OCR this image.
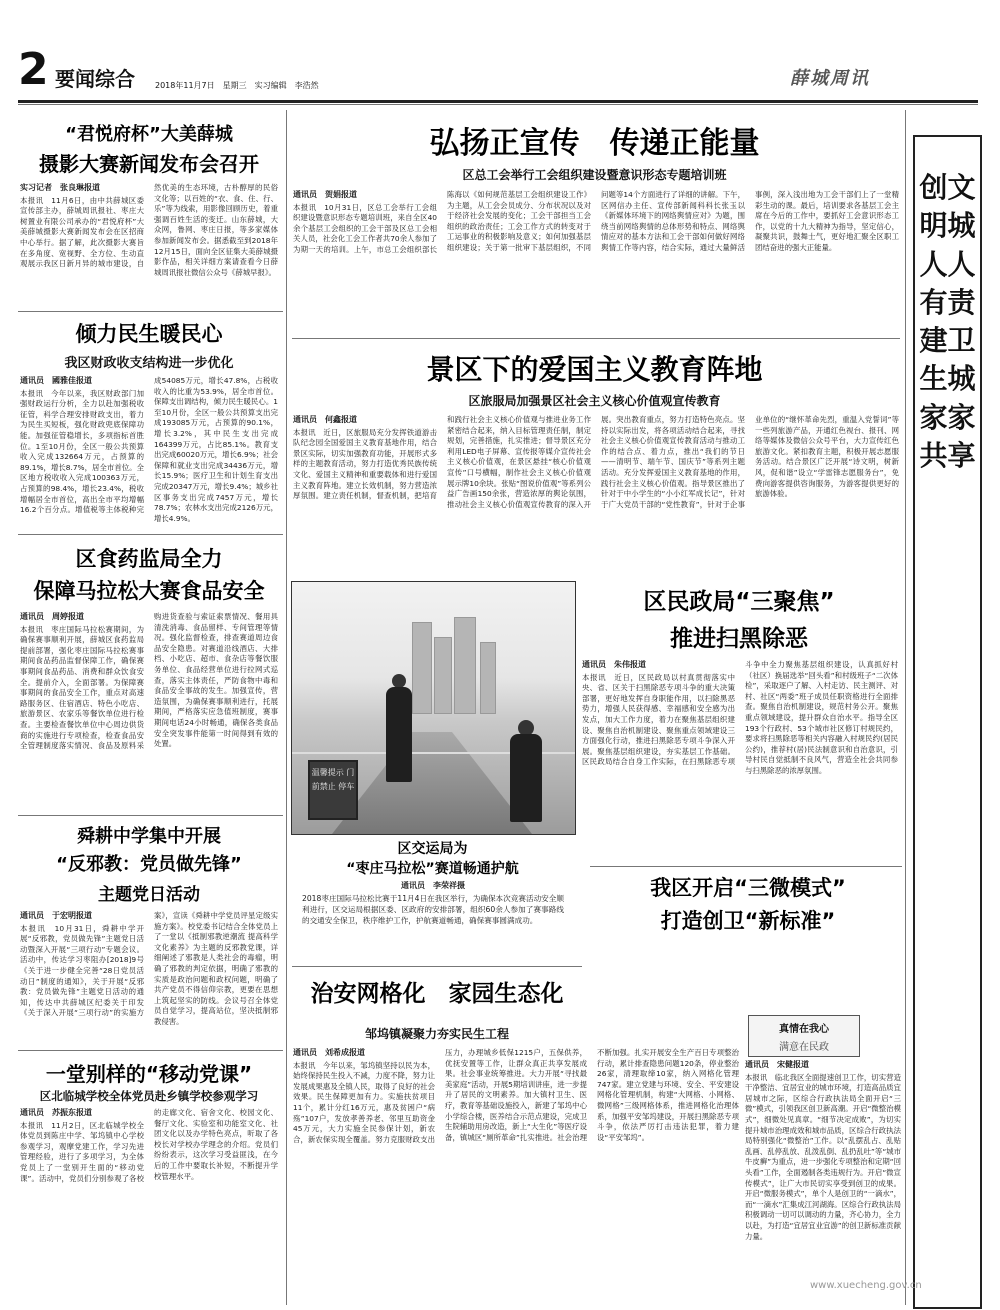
2 要闻综合	2018年11月7日　星期三　实习编辑　李浩然	薛城周讯
创文明城人人有责建卫生城家家共享
“君悦府杯”大美薛城
摄影大赛新闻发布会召开
实习记者　张良琳报道
本报讯　11月6日，由中共薛城区委宣传部主办，薛城周讯报社、枣庄大树置业有限公司承办的“君悦府杯”大美薛城摄影大赛新闻发布会在区招商中心举行。据了解，此次摄影大赛旨在多角度、宽视野、全方位、生动直观展示我区日新月异的城市建设，自然优美的生态环境，古朴醇厚的民俗文化等；以百姓的“衣、食、住、行、乐”等为线索，用影像回顾历史，着重强调百姓生活的变迁。山东薛城，大众网，鲁网、枣庄日报，等多家媒体参加新闻发布会。据悉截至到2018年12月15日，面向全区征集大美薛城摄影作品，相关详细方案请查看今日薛城周讯报社微信公众号《薛城早报》。
倾力民生暖民心
我区财政收支结构进一步优化
通讯员　國雅佳报道
本报讯　今年以来，我区财政部门加强财政运行分析，全力以赴加强税收征管，科学合理安排财政支出，着力为民生买短板，强化财政兜底保障功能。加强征管稳增长，多项指标首胜位。1至10月份，全区一般公共预算收入完成132664万元，占预算的89.1%，增长8.7%，居全市首位。全区地方税收收入完成100363万元，占预算的98.4%，增长23.4%，税收增幅居全市首位，高出全市平均增幅16.2个百分点。增值税等主体税种完成54085万元，增长47.8%，占税收收入的比重为53.9%，居全市首位。保障支出调结构，倾力民生暖民心。1至10月份，全区一般公共预算支出完成193085万元，占预算的90.1%，增长3.2%，其中民生支出完成164399万元，占比85.1%。教育支出完成60020万元，增长6.9%；社会保障和就业支出完成34436万元，增长15.9%；医疗卫生和计划生育支出完成20347万元，增长9.4%；城乡社区事务支出完成7457万元，增长78.7%；农林水支出完成2126万元，增长4.9%。
区食药监局全力
保障马拉松大赛食品安全
通讯员　周婷报道
本报讯　枣庄国际马拉松赛期间，为确保赛事顺利开展，薛城区食药监局提前部署，强化枣庄国际马拉松赛事期间食品药品监督保障工作，确保赛事期间食品药品、消费和群众饮食安全。提前介入，全面部署。为保障赛事期间的食品安全工作，重点对高速路服务区、住宿酒店、特色小吃店、旅游景区、农家乐等餐饮单位进行检查。主要检查餐饮单位中心周边供货商的实施进行专项检查，检查食品安全管理制度落实情况、食品及原料采购进货查验与索证索票情况、餐用具清洗消毒、食品留样、专间管理等情况。强化监督检查，排查赛道周边食品安全隐患。对赛道沿线酒店、大排档、小吃店、超市、食杂店等餐饮服务单位、食品经营单位进行拉网式巡查，落实主体责任，严防食物中毒和食品安全事故的发生。加强宣传，营造氛围，为确保赛事顺利进行，托展期间，严格落实应急值班制度，赛事期间电话24小时畅通，确保各类食品安全突发事件能第一时间得到有效的处置。
舜耕中学集中开展
“反邪教：党员做先锋”
主题党日活动
通讯员　于宏明报道
本报讯　10月31日，舜耕中学开展“反邪教，党员做先锋”主题党日活动暨深入开展“三项行动”专题会议。活动中，传达学习枣阻办[2018]9号《关于进一步健全完善“28日党员活动日”制度的通知》，关于开展“反邪教：党员做先锋”主题党日活动的通知，传达中共薛城区纪委关于印发《关于深入开展“三项行动”的实施方案》，宣读《舜耕中学党员评星定级实施方案》。校党委书记结合全体党员上了一堂以《抵制邪教逆潮流 提高科学文化素养》为主题的反邪教党课，详细阐述了邪教是人类社会的毒瘤，明确了邪教的判定依据，明确了邪教的实质是政治问题和政权问题，明确了共产党员不得信仰宗教，更要在思想上筑起坚实的防线。会议号召全体党员自觉学习，提高站位，坚决抵制邪教侵害。
一堂别样的“移动党课”
区北临城学校全体党员赴乡镇学校参观学习
通讯员　苏振东报道
本报讯　11月2日，区北临城学校全体党员到陈庄中学、邹坞镇中心学校参观学习，观摩党建工作，学习先进管理经验，进行了多项学习，为全体党员上了一堂别开生面的“移动党课”。活动中，党员们分别参观了各校的走廊文化、宿舍文化、校园文化、餐厅文化、实验室和功能室文化、社团文化以及办学特色亮点，听取了各校长对学校办学理念的介绍。党员们纷纷表示，这次学习受益匪浅，在今后的工作中要取长补短，不断提升学校管理水平。
弘扬正宣传　传递正能量
区总工会举行工会组织建设暨意识形态专题培训班
通讯员　贺娟报道
本报讯　10月31日，区总工会举行工会组织建设暨意识形态专题培训班，来自全区40余个基层工会组织的工会干部及区总工会相关人员，社会化工会工作者共70余人参加了为期一天的培训。上午，市总工会组织部长陈海以《如何规范基层工会组织建设工作》为主题，从工会会员成分、分布状况以及对于经济社会发展的变化；工会干部担当工会组织的政治责任；工会工作方式的转变对于工运事业的积极影响及意义；如何加强基层组织建设；关于第一批审下基层组织，不同问题等14个方面进行了详细的讲解。下午，区网信办主任、宣传部新闻科科长张玉以《新媒体环境下的网络舆情应对》为题，围绕当前网络舆情的总体形势和特点、网络舆情应对的基本方法和工会干部如何做好网络舆情工作等内容，结合实际，通过大量鲜活事例，深入浅出地为工会干部们上了一堂精彩生动的课。最后，培训要求各基层工会主席在今后的工作中，要抓好工会意识形态工作，以党的十九大精神为指导，坚定信心，凝聚共识，鼓舞士气，更好地汇聚全区职工团结奋进的强大正能量。
景区下的爱国主义教育阵地
区旅服局加强景区社会主义核心价值观宣传教育
通讯员　何鑫报道
本报讯　近日，区旅服局充分发挥铁道游击队纪念园全国爱国主义教育基地作用，结合景区实际，切实加强教育功能，开展形式多样的主题教育活动，努力打造优秀民族传统文化、爱国主义精神和重要载体和进行爱国主义教育阵地。建立长效机制，努力营造浓厚氛围。建立责任机制，督查机制，把培育和践行社会主义核心价值观与推进业务工作紧密结合起来，纳入目标管理责任制，制定规划，完善措施，扎实推进；督导景区充分利用LED电子屏幕、宣传报等媒介宣传社会主义核心价值观，在景区悬挂“核心价值观宣传”口号横幅，制作社会主义核心价值观展示牌10余块。张贴“图说价值观”等系列公益广告画150余张，营造浓厚的舆论氛围，推动社会主义核心价值观宣传教育的深入开展。突出教育重点，努力打造特色亮点。坚持以实际出发，将各项活动结合起来，寻找社会主义核心价值观宣传教育活动与推动工作的结合点、着力点，推出“我们的节日——清明节、端午节、国庆节”等系列主题活动。充分发挥爱国主义教育基地的作用，践行社会主义核心价值观。指导景区推出了针对于中小学生的“小小红军成长记”，针对于广大党员干部的“党性教育”，针对于企事业单位的“继怀革命先烈，重温入党誓词”等一些列旅游产品，开通红色视台、报刊、网络等媒体及微信公众号平台，大力宣传红色旅游文化。紧扣教育主题，积极开展志愿服务活动。结合景区广泛开展“诗文明，树新风，促和谐”设立“学雷锋志愿服务台”，免费向游客提供咨询服务，为游客提供更好的旅游体验。
温馨提示 门前禁止 停车
区交运局为
“枣庄马拉松”赛道畅通护航
通讯员　李荣祥摄
2018枣庄国际马拉松比赛于11月4日在我区举行，为确保本次竞赛活动安全顺利进行，区交运局根据区委、区政府的安排部署，组织60余人参加了赛事路线的交通安全保卫，秩序维护工作，护航赛道畅通，确保赛事圆满成功。
区民政局“三聚焦”
推进扫黑除恶
通讯员　朱伟报道
本报讯　近日，区民政局以村真贯彻落实中央、省、区关于扫黑除恶专项斗争的重大决策部署，更好地发挥自身职能作用，以扫除黑恶势力，增强人民获得感、幸福感和安全感为出发点，加大工作力度，着力在聚焦基层组织建设、聚焦自治机制建设、聚焦重点领域建设三方面强化行动，推进扫黑除恶专项斗争深入开展。聚焦基层组织建设，夯实基层工作基础。区民政局结合自身工作实际，在扫黑除恶专项斗争中全力聚焦基层组织建设，认真抓好村（社区）换届选举“回头看”和村级班子“二次体检”，采取逐户了解、入村走访、民主测评、对村、社区“两委”班子成员任职资格进行全面排查。聚焦自治机制建设，规范村务公开。聚焦重点领域建设，提升群众自治水平。指导全区193个行政村、53个城市社区修订村规民约，要求将扫黑除恶等相关内容融入村规民约(居民公约)，推荐村(居)民法制意识和自治意识，引导村民自觉抵制不良风气，营造全社会共同参与扫黑除恶的浓厚氛围。
真情在我心
满意在民政
治安网格化　家园生态化
邹坞镇凝聚力夯实民生工程
通讯员　刘希成报道
本报讯　今年以来，邹坞镇坚持以民为本，始终保持民生投入不减，力度不降，努力让发展成果惠及全镇人民，取得了良好的社会效果。民生保障更加有力。实施扶贫项目11个，累计分红16万元，惠及贫困户“病殇”107户，发放孝善养老、邻里互助资金45万元，大力实施全民参保计划，新农合，新农保实现全覆盖。努力克服财政支出压力，办理城乡低保1215户，五保供养，优抚安置等工作，让群众真正共享发展成果。社会事业统筹推进。大力开展“寻找最美家庭”活动，开展5期培训讲座，进一步提升了居民的文明素养。加大镇村卫生、医疗，教育等基础设施投入，新建了邹坞中心小学综合楼，医养结合示范点建设，完成卫生院辅助用房改造，新上“大生化”等医疗设备，镇城区“厕所革命”扎实推进。社会治理不断加强。扎实开展安全生产百日专项整治行动，累计排查隐患问题120条，停业整治26家，清理取缔10家，纳入网格化管理747家。建立党建与环境、安全、平安建设网格化管理机制，构建“大网格、小网格、微网格”三级网格体系，推进网格化治理体系，加强平安邹坞建设，开展扫黑除恶专项斗争，依法严厉打击违法犯罪，着力建设“平安邹坞”。
我区开启“三微模式”
打造创卫“新标准”
通讯员　宋健报道
本报讯　临北我区全面提速创卫工作，切实营造干净整洁、宜居宜业的城市环境，打造高品质宜居城市之际，区综合行政执法局全面开启“三微”模式，引领我区创卫新高潮。开启“微整治模式”，细微处见真章。“细节决定成败”，为切实提升城市治理成效和城市品质，区综合行政执法局特别强化“微整治”工作。以“乱摆乱占、乱贴乱画、乱停乱放、乱泼乱倒、乱扔乱吐”等“城市牛皮癣”为重点，进一步强化专项整治和定期“回头看”工作，全面遏制各类违规行为。开启“微宣传模式”，让广大市民切实享受到创卫的成果。开启“微服务模式”，单个人是创卫的“一滴水”，而“一滴水”汇集成江河湖海。区综合行政执法局积极调动一切可以调动的力量，齐心协力，全力以赴，为打造“宜居宜业宜游”的创卫新标准贡献力量。
www.xuecheng.gov.cn
